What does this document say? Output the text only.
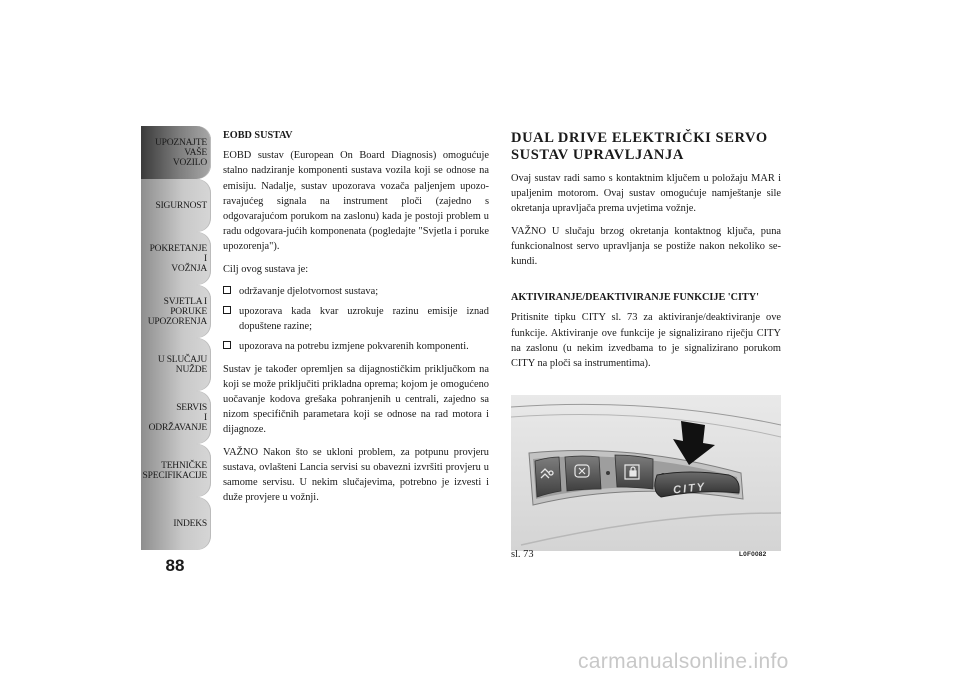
UPOZNAJTE
VAŠE
VOZILO
SIGURNOST
POKRETANJE
I
VOŽNJA
SVJETLA I
PORUKE
UPOZORENJA
U SLUČAJU
NUŽDE
SERVIS
I
ODRŽAVANJE
TEHNIČKE
SPECIFIKACIJE
INDEKS
88

EOBD SUSTAV

EOBD sustav (European On Board Diagnosis) omogućuje stalno nadziranje komponenti sustava vozila koji se odnose na emisiju. Nadalje, sustav upozorava vozača paljenjem upozo-ravajućeg signala na instrument ploči (zajedno s odgovarajućom porukom na zaslonu) kada je postoji problem u radu odgovara-jućih komponenata (pogledajte "Svjetla i poruke upozorenja").

Cilj ovog sustava je:

održavanje djelotvornost sustava;
upozorava kada kvar uzrokuje razinu emisije iznad dopuštene razine;
upozorava na potrebu izmjene pokvarenih komponenti.

Sustav je također opremljen sa dijagnostičkim priključkom na koji se može priključiti prikladna oprema; kojom je omogućeno uočavanje kodova grešaka pohranjenih u centrali, zajedno sa nizom specifičnih parametara koji se odnose na rad motora i dijagnoze.

VAŽNO Nakon što se ukloni problem, za potpunu provjeru sustava, ovlašteni Lancia servisi su obavezni izvršiti provjeru u samome servisu. U nekim slučajevima, potrebno je izvesti i duže provjere u vožnji.

DUAL DRIVE ELEKTRIČKI SERVO SUSTAV UPRAVLJANJA

Ovaj sustav radi samo s kontaktnim ključem u položaju MAR i upaljenim motorom. Ovaj sustav omogućuje namještanje sile okretanja upravljača prema uvjetima vožnje.

VAŽNO U slučaju brzog okretanja kontaktnog ključa, puna funkcionalnost servo upravljanja se postiže nakon nekoliko se-kundi.

AKTIVIRANJE/DEAKTIVIRANJE FUNKCIJE 'CITY'

Pritisnite tipku CITY sl. 73 za aktiviranje/deaktiviranje ove funkcije. Aktiviranje ove funkcije je signalizirano riječju CITY na zaslonu (u nekim izvedbama to je signalizirano porukom CITY na ploči sa instrumentima).

CITY
sl. 73	L0F0082
carmanualsonline.info
